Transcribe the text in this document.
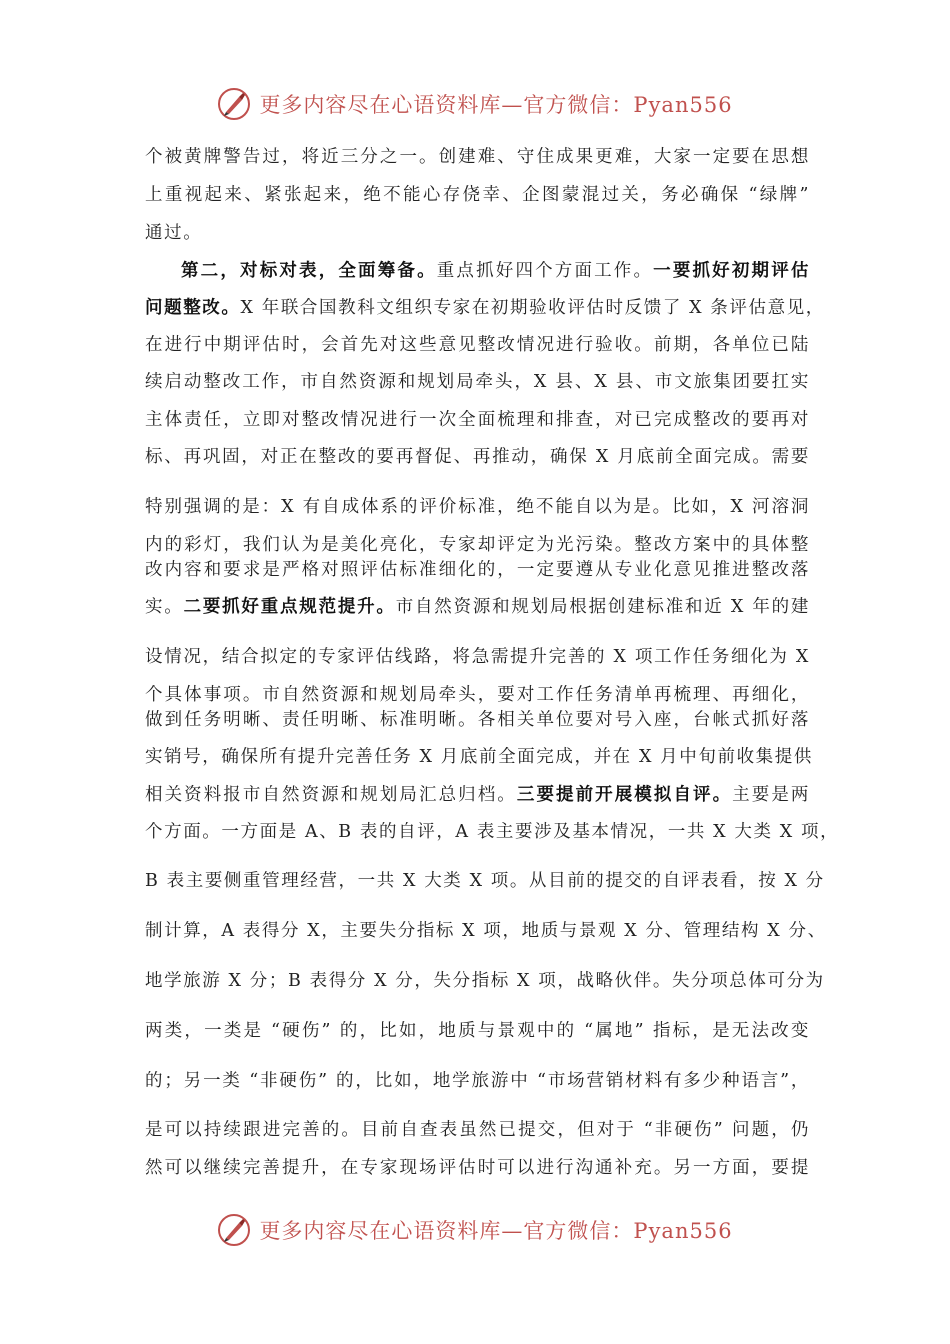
更多内容尽在心语资料库—官方微信：Pyan556
个被黄牌警告过，将近三分之一。创建难、守住成果更难，大家一定要在思想
上重视起来、紧张起来，绝不能心存侥幸、企图蒙混过关，务必确保 “绿牌”
通过。
第二，对标对表，全面筹备。重点抓好四个方面工作。一要抓好初期评估
问题整改。X 年联合国教科文组织专家在初期验收评估时反馈了 X 条评估意见，
在进行中期评估时，会首先对这些意见整改情况进行验收。前期，各单位已陆
续启动整改工作，市自然资源和规划局牵头，X 县、X 县、市文旅集团要扛实
主体责任，立即对整改情况进行一次全面梳理和排查，对已完成整改的要再对
标、再巩固，对正在整改的要再督促、再推动，确保 X 月底前全面完成。需要
特别强调的是：X 有自成体系的评价标准，绝不能自以为是。比如，X 河溶洞
内的彩灯，我们认为是美化亮化，专家却评定为光污染。整改方案中的具体整
改内容和要求是严格对照评估标准细化的，一定要遵从专业化意见推进整改落
实。二要抓好重点规范提升。市自然资源和规划局根据创建标准和近 X 年的建
设情况，结合拟定的专家评估线路，将急需提升完善的 X 项工作任务细化为 X
个具体事项。市自然资源和规划局牵头，要对工作任务清单再梳理、再细化，
做到任务明晰、责任明晰、标准明晰。各相关单位要对号入座，台帐式抓好落
实销号，确保所有提升完善任务 X 月底前全面完成，并在 X 月中旬前收集提供
相关资料报市自然资源和规划局汇总归档。三要提前开展模拟自评。主要是两
个方面。一方面是 A、B 表的自评，A 表主要涉及基本情况，一共 X 大类 X 项，
B 表主要侧重管理经营，一共 X 大类 X 项。从目前的提交的自评表看，按 X 分
制计算，A 表得分 X，主要失分指标 X 项，地质与景观 X 分、管理结构 X 分、
地学旅游 X 分；B 表得分 X 分，失分指标 X 项，战略伙伴。失分项总体可分为
两类，一类是 “硬伤” 的，比如，地质与景观中的 “属地” 指标，是无法改变
的；另一类 “非硬伤” 的，比如，地学旅游中 “市场营销材料有多少种语言”，
是可以持续跟进完善的。目前自查表虽然已提交，但对于 “非硬伤” 问题，仍
然可以继续完善提升，在专家现场评估时可以进行沟通补充。另一方面，要提
更多内容尽在心语资料库—官方微信：Pyan556
